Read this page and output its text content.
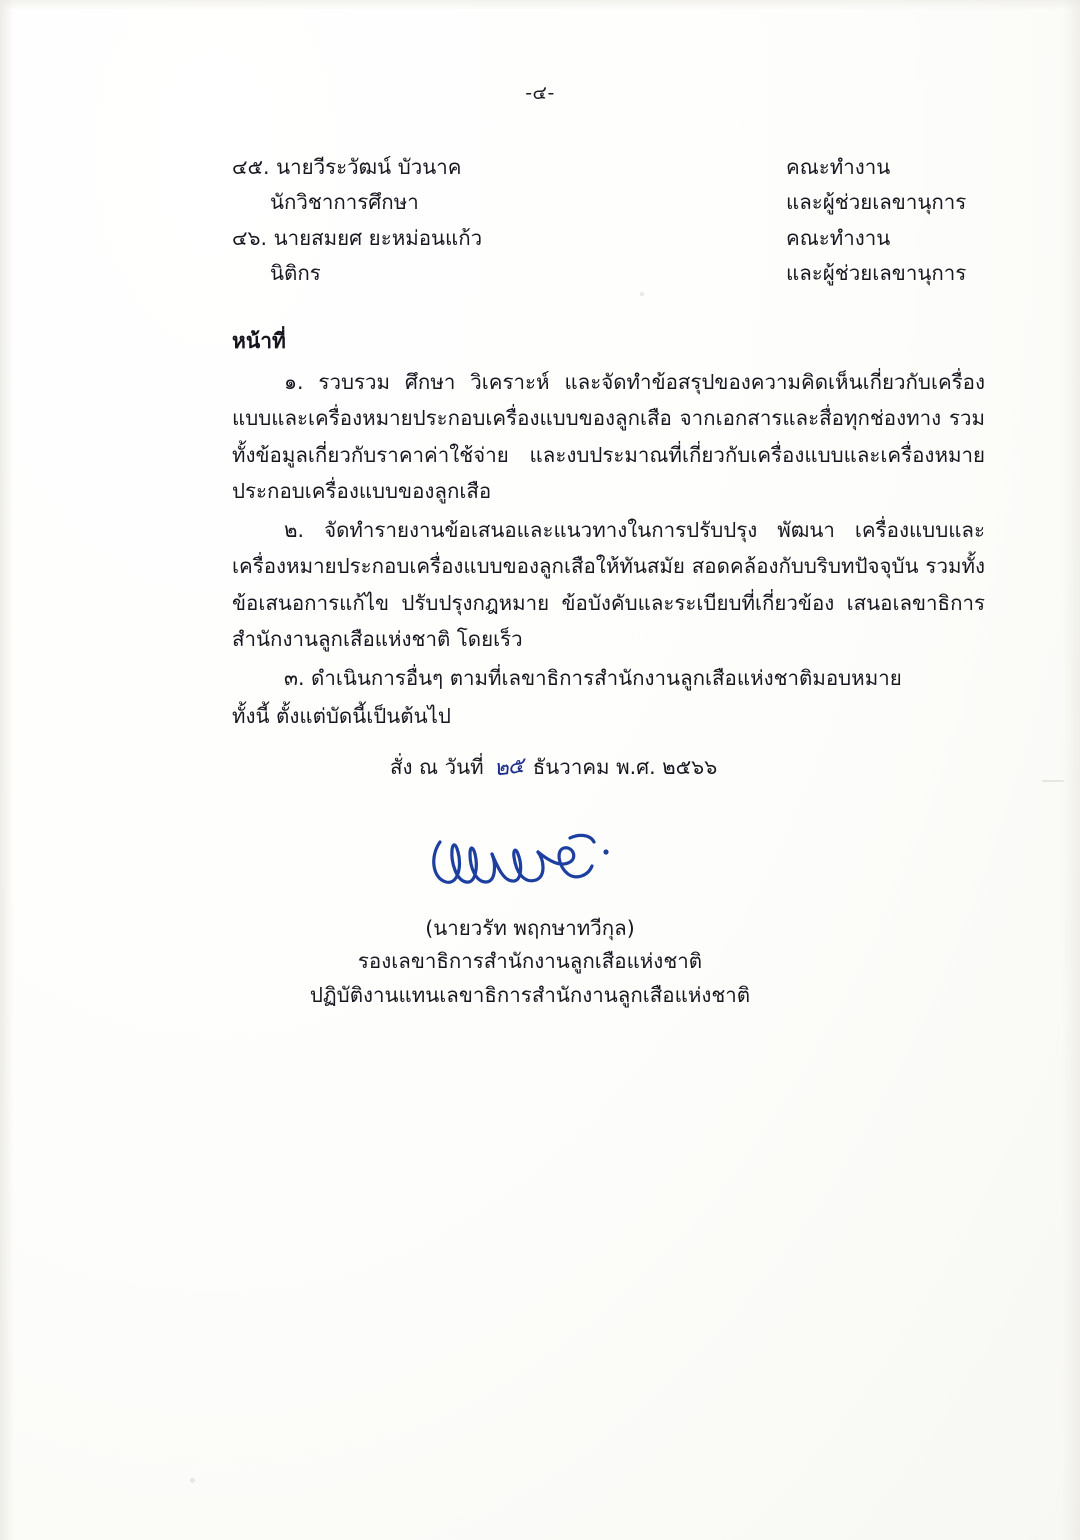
-๔-
๔๕. นายวีระวัฒน์ บัวนาค	คณะทำงาน
นักวิชาการศึกษา	และผู้ช่วยเลขานุการ
๔๖. นายสมยศ ยะหม่อนแก้ว	คณะทำงาน
นิติกร	และผู้ช่วยเลขานุการ
หน้าที่

๑. รวบรวม ศึกษา วิเคราะห์ และจัดทำข้อสรุปของความคิดเห็นเกี่ยวกับเครื่องแบบและเครื่องหมายประกอบเครื่องแบบของลูกเสือ จากเอกสารและสื่อทุกช่องทาง รวมทั้งข้อมูลเกี่ยวกับราคาค่าใช้จ่าย และงบประมาณที่เกี่ยวกับเครื่องแบบและเครื่องหมายประกอบเครื่องแบบของลูกเสือ

๒. จัดทำรายงานข้อเสนอและแนวทางในการปรับปรุง พัฒนา เครื่องแบบและเครื่องหมายประกอบเครื่องแบบของลูกเสือให้ทันสมัย สอดคล้องกับบริบทปัจจุบัน รวมทั้งข้อเสนอการแก้ไข ปรับปรุงกฎหมาย ข้อบังคับและระเบียบที่เกี่ยวข้อง เสนอเลขาธิการสำนักงานลูกเสือแห่งชาติ โดยเร็ว

๓. ดำเนินการอื่นๆ ตามที่เลขาธิการสำนักงานลูกเสือแห่งชาติมอบหมาย

ทั้งนี้ ตั้งแต่บัดนี้เป็นต้นไป
สั่ง ณ วันที่ ๒๕ ธันวาคม พ.ศ. ๒๕๖๖
(นายวรัท พฤกษาทวีกุล)
รองเลขาธิการสำนักงานลูกเสือแห่งชาติ
ปฏิบัติงานแทนเลขาธิการสำนักงานลูกเสือแห่งชาติ
